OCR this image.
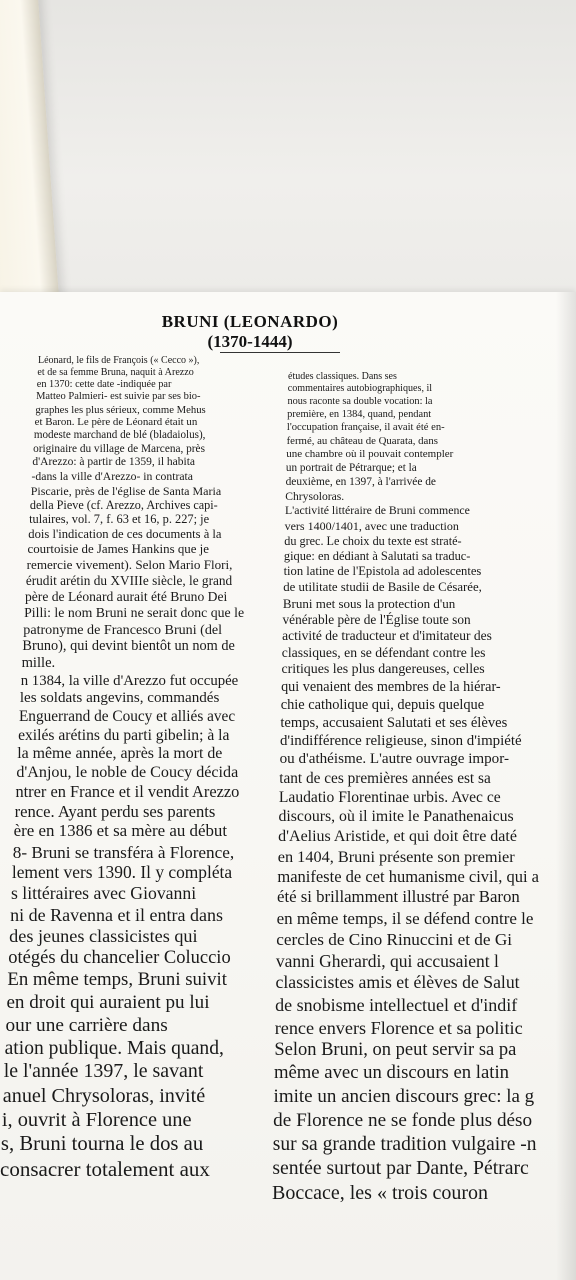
BRUNI (LEONARDO)
(1370-1444)
Léonard, le fils de François (« Cecco »),
et de sa femme Bruna, naquit à Arezzo
en 1370: cette date -indiquée par
Matteo Palmieri- est suivie par ses bio-
graphes les plus sérieux, comme Mehus
et Baron. Le père de Léonard était un
modeste marchand de blé (bladaiolus),
originaire du village de Marcena, près
d'Arezzo: à partir de 1359, il habita
-dans la ville d'Arezzo- in contrata
Piscarie, près de l'église de Santa Maria
della Pieve (cf. Arezzo, Archives capi-
tulaires, vol. 7, f. 63 et 16, p. 227; je
dois l'indication de ces documents à la
courtoisie de James Hankins que je
remercie vivement). Selon Mario Flori,
érudit arétin du XVIIIe siècle, le grand
père de Léonard aurait été Bruno Dei
Pilli: le nom Bruni ne serait donc que le
patronyme de Francesco Bruni (del
Bruno), qui devint bientôt un nom de
mille.
n 1384, la ville d'Arezzo fut occupée
les soldats angevins, commandés
Enguerrand de Coucy et alliés avec
exilés arétins du parti gibelin; à la
la même année, après la mort de
d'Anjou, le noble de Coucy décida
ntrer en France et il vendit Arezzo
rence. Ayant perdu ses parents
ère en 1386 et sa mère au début
8- Bruni se transféra à Florence,
lement vers 1390. Il y compléta
s littéraires avec Giovanni
ni de Ravenna et il entra dans
des jeunes classicistes qui
otégés du chancelier Coluccio
En même temps, Bruni suivit
en droit qui auraient pu lui
our une carrière dans
ation publique. Mais quand,
le l'année 1397, le savant
anuel Chrysoloras, invité
i, ouvrit à Florence une
s, Bruni tourna le dos au
consacrer totalement aux
études classiques. Dans ses
commentaires autobiographiques, il
nous raconte sa double vocation: la
première, en 1384, quand, pendant
l'occupation française, il avait été en-
fermé, au château de Quarata, dans
une chambre où il pouvait contempler
un portrait de Pétrarque; et la
deuxième, en 1397, à l'arrivée de
Chrysoloras.
L'activité littéraire de Bruni commence
vers 1400/1401, avec une traduction
du grec. Le choix du texte est straté-
gique: en dédiant à Salutati sa traduc-
tion latine de l'Epistola ad adolescentes
de utilitate studii de Basile de Césarée,
Bruni met sous la protection d'un
vénérable père de l'Église toute son
activité de traducteur et d'imitateur des
classiques, en se défendant contre les
critiques les plus dangereuses, celles
qui venaient des membres de la hiérar-
chie catholique qui, depuis quelque
temps, accusaient Salutati et ses élèves
d'indifférence religieuse, sinon d'impiété
ou d'athéisme. L'autre ouvrage impor-
tant de ces premières années est sa
Laudatio Florentinae urbis. Avec ce
discours, où il imite le Panathenaicus
d'Aelius Aristide, et qui doit être daté
en 1404, Bruni présente son premier
manifeste de cet humanisme civil, qui a
été si brillamment illustré par Baron
en même temps, il se défend contre le
cercles de Cino Rinuccini et de Gi
vanni Gherardi, qui accusaient l
classicistes amis et élèves de Salut
de snobisme intellectuel et d'indif
rence envers Florence et sa politic
Selon Bruni, on peut servir sa pa
même avec un discours en latin
imite un ancien discours grec: la g
de Florence ne se fonde plus déso
sur sa grande tradition vulgaire -n
sentée surtout par Dante, Pétrarc
Boccace, les « trois couron
